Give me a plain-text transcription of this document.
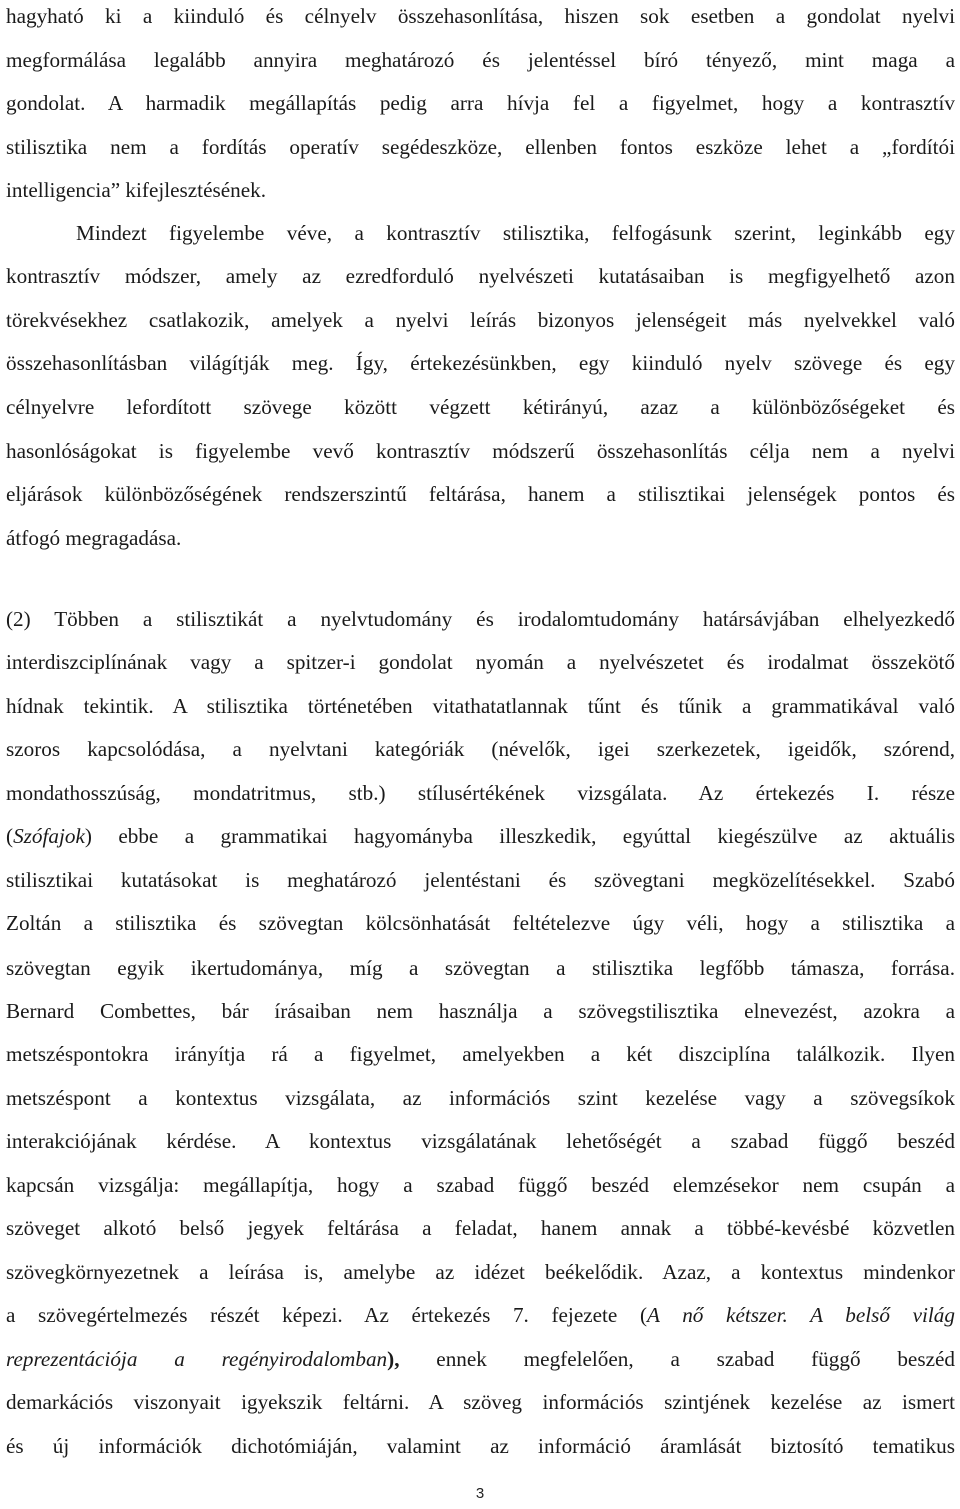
hagyható ki a kiinduló és célnyelv összehasonlítása, hiszen sok esetben a gondolat nyelvi
megformálása legalább annyira meghatározó és jelentéssel bíró tényező, mint maga a
gondolat. A harmadik megállapítás pedig arra hívja fel a figyelmet, hogy a kontrasztív
stilisztika nem a fordítás operatív segédeszköze, ellenben fontos eszköze lehet a „fordítói
intelligencia” kifejlesztésének.
Mindezt figyelembe véve, a kontrasztív stilisztika, felfogásunk szerint, leginkább egy
kontrasztív módszer, amely az ezredforduló nyelvészeti kutatásaiban is megfigyelhető azon
törekvésekhez csatlakozik, amelyek a nyelvi leírás bizonyos jelenségeit más nyelvekkel való
összehasonlításban világítják meg. Így, értekezésünkben, egy kiinduló nyelv szövege és egy
célnyelvre lefordított szövege között végzett kétirányú, azaz a különbözőségeket és
hasonlóságokat is figyelembe vevő kontrasztív módszerű összehasonlítás célja nem a nyelvi
eljárások különbözőségének rendszerszintű feltárása, hanem a stilisztikai jelenségek pontos és
átfogó megragadása.
(2) Többen a stilisztikát a nyelvtudomány és irodalomtudomány határsávjában elhelyezkedő
interdiszciplínának vagy a spitzer-i gondolat nyomán a nyelvészetet és irodalmat összekötő
hídnak tekintik. A stilisztika történetében vitathatatlannak tűnt és tűnik a grammatikával való
szoros kapcsolódása, a nyelvtani kategóriák (névelők, igei szerkezetek, igeidők, szórend,
mondathosszúság, mondatritmus, stb.) stílusértékének vizsgálata. Az értekezés I. része
(Szófajok) ebbe a grammatikai hagyományba illeszkedik, egyúttal kiegészülve az aktuális
stilisztikai kutatásokat is meghatározó jelentéstani és szövegtani megközelítésekkel. Szabó
Zoltán a stilisztika és szövegtan kölcsönhatását feltételezve úgy véli, hogy a stilisztika a
szövegtan egyik ikertudománya, míg a szövegtan a stilisztika legfőbb támasza, forrása.
Bernard Combettes, bár írásaiban nem használja a szövegstilisztika elnevezést, azokra a
metszéspontokra irányítja rá a figyelmet, amelyekben a két diszciplína találkozik. Ilyen
metszéspont a kontextus vizsgálata, az információs szint kezelése vagy a szövegsíkok
interakciójának kérdése. A kontextus vizsgálatának lehetőségét a szabad függő beszéd
kapcsán vizsgálja: megállapítja, hogy a szabad függő beszéd elemzésekor nem csupán a
szöveget alkotó belső jegyek feltárása a feladat, hanem annak a többé-kevésbé közvetlen
szövegkörnyezetnek a leírása is, amelybe az idézet beékelődik. Azaz, a kontextus mindenkor
a szövegértelmezés részét képezi. Az értekezés 7. fejezete (A nő kétszer. A belső világ
reprezentációja a regényirodalomban), ennek megfelelően, a szabad függő beszéd
demarkációs viszonyait igyekszik feltárni. A szöveg információs szintjének kezelése az ismert
és új információk dichotómiáján, valamint az információ áramlását biztosító tematikus
3
